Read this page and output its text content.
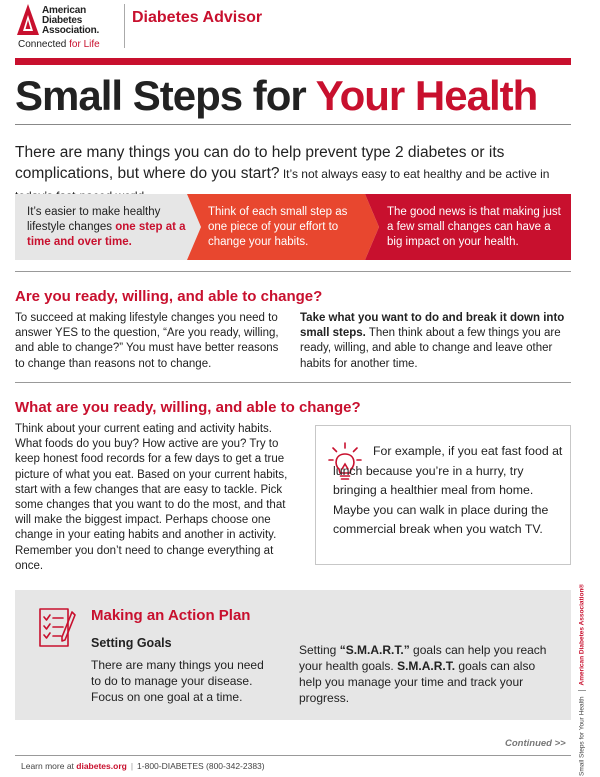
American
Diabetes
Association.
Connected for Life
Diabetes Advisor
Small Steps for Your Health
There are many things you can do to help prevent type 2 diabetes or its complications, but where do you start? It’s not always easy to eat healthy and be active in
It’s easier to make healthy lifestyle changes one step at a time and over time.
Think of each small step as one piece of your effort to change your habits.
The good news is that making just a few small changes can have a big impact on your health.
Are you ready, willing, and able to change?
To succeed at making lifestyle changes you need to answer YES to the question, “Are you ready, willing, and able to change?” You must have better reasons to change than reasons not to change.
Take what you want to do and break it down into small steps. Then think about a few things you are ready, willing, and able to change and leave other habits for another time.
What are you ready, willing, and able to change?
Think about your current eating and activity habits. What foods do you buy? How active are you? Try to keep honest food records for a few days to get a true picture of what you eat. Based on your current habits, start with a few changes that are easy to tackle. Pick some changes that you want to do the most, and that will make the biggest impact. Perhaps choose one change in your eating habits and another in activity. Remember you don’t need to change everything at once.
For example, if you eat fast food at lunch because you’re in a hurry, try bringing a healthier meal from home. Maybe you can walk in place during the commercial break when you watch TV.
Making an Action Plan
Setting Goals
There are many things you need to do to manage your disease. Focus on one goal at a time.
Setting “S.M.A.R.T.” goals can help you reach your health goals. S.M.A.R.T. goals can also help you manage your time and track your progress.
Continued >>
Learn more at diabetes.org | 1-800-DIABETES (800-342-2383)	Small Steps for Your HealthAmerican Diabetes Association®
